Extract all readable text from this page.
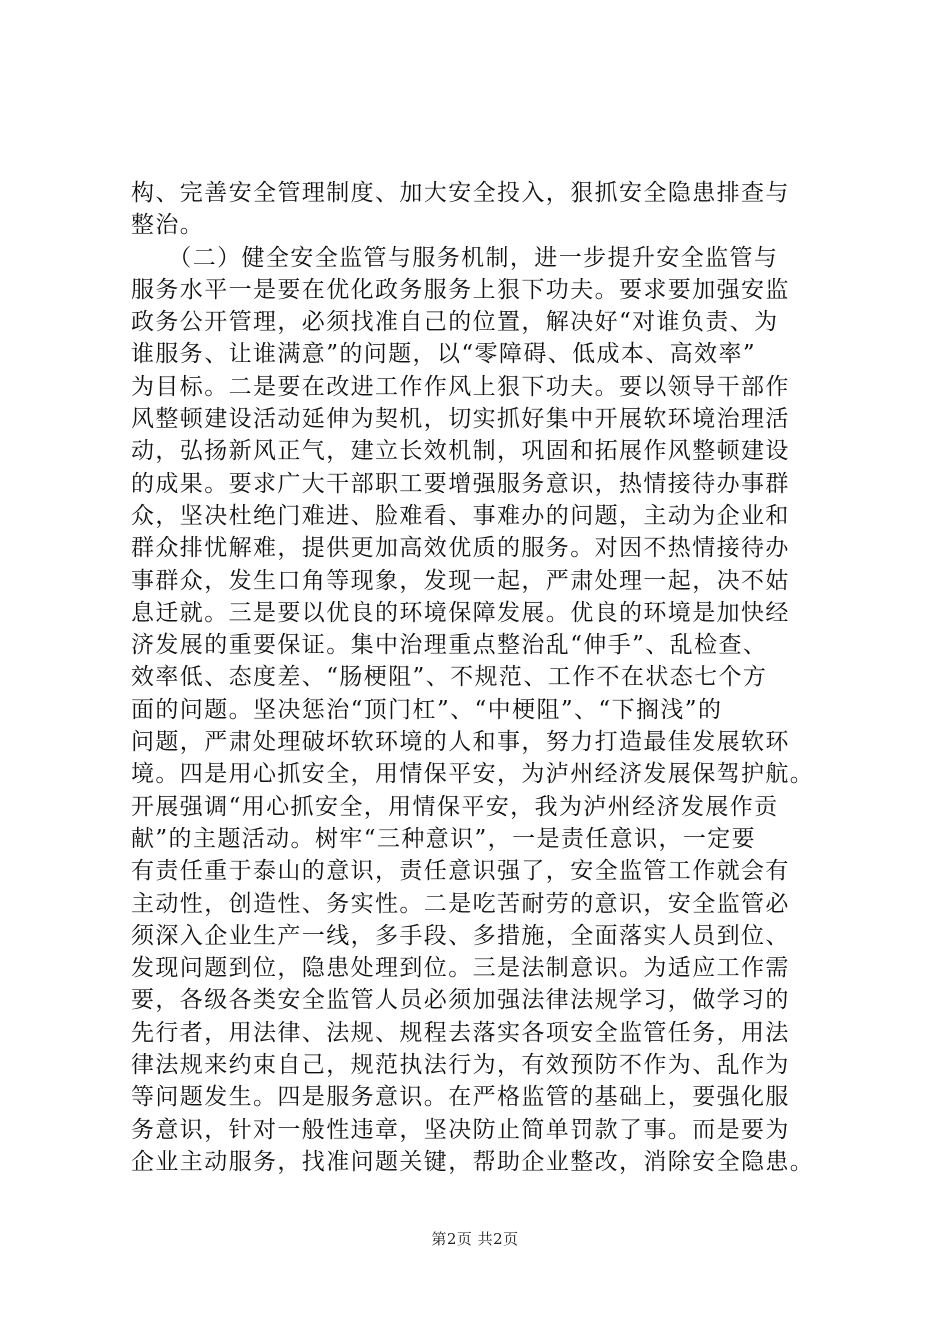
构、完善安全管理制度、加大安全投入，狠抓安全隐患排查与
整治。
　　（二）健全安全监管与服务机制，进一步提升安全监管与
服务水平一是要在优化政务服务上狠下功夫。要求要加强安监
政务公开管理，必须找准自己的位置，解决好“对谁负责、为
谁服务、让谁满意”的问题，以“零障碍、低成本、高效率”
为目标。二是要在改进工作作风上狠下功夫。要以领导干部作
风整顿建设活动延伸为契机，切实抓好集中开展软环境治理活
动，弘扬新风正气，建立长效机制，巩固和拓展作风整顿建设
的成果。要求广大干部职工要增强服务意识，热情接待办事群
众，坚决杜绝门难进、脸难看、事难办的问题，主动为企业和
群众排忧解难，提供更加高效优质的服务。对因不热情接待办
事群众，发生口角等现象，发现一起，严肃处理一起，决不姑
息迁就。三是要以优良的环境保障发展。优良的环境是加快经
济发展的重要保证。集中治理重点整治乱“伸手”、乱检查、
效率低、态度差、“肠梗阻”、不规范、工作不在状态七个方
面的问题。坚决惩治“顶门杠”、“中梗阻”、“下搁浅”的
问题，严肃处理破坏软环境的人和事，努力打造最佳发展软环
境。四是用心抓安全，用情保平安，为泸州经济发展保驾护航。
开展强调“用心抓安全，用情保平安，我为泸州经济发展作贡
献”的主题活动。树牢“三种意识”，一是责任意识，一定要
有责任重于泰山的意识，责任意识强了，安全监管工作就会有
主动性，创造性、务实性。二是吃苦耐劳的意识，安全监管必
须深入企业生产一线，多手段、多措施，全面落实人员到位、
发现问题到位，隐患处理到位。三是法制意识。为适应工作需
要，各级各类安全监管人员必须加强法律法规学习，做学习的
先行者，用法律、法规、规程去落实各项安全监管任务，用法
律法规来约束自己，规范执法行为，有效预防不作为、乱作为
等问题发生。四是服务意识。在严格监管的基础上，要强化服
务意识，针对一般性违章，坚决防止简单罚款了事。而是要为
企业主动服务，找准问题关键，帮助企业整改，消除安全隐患。
第2页 共2页
